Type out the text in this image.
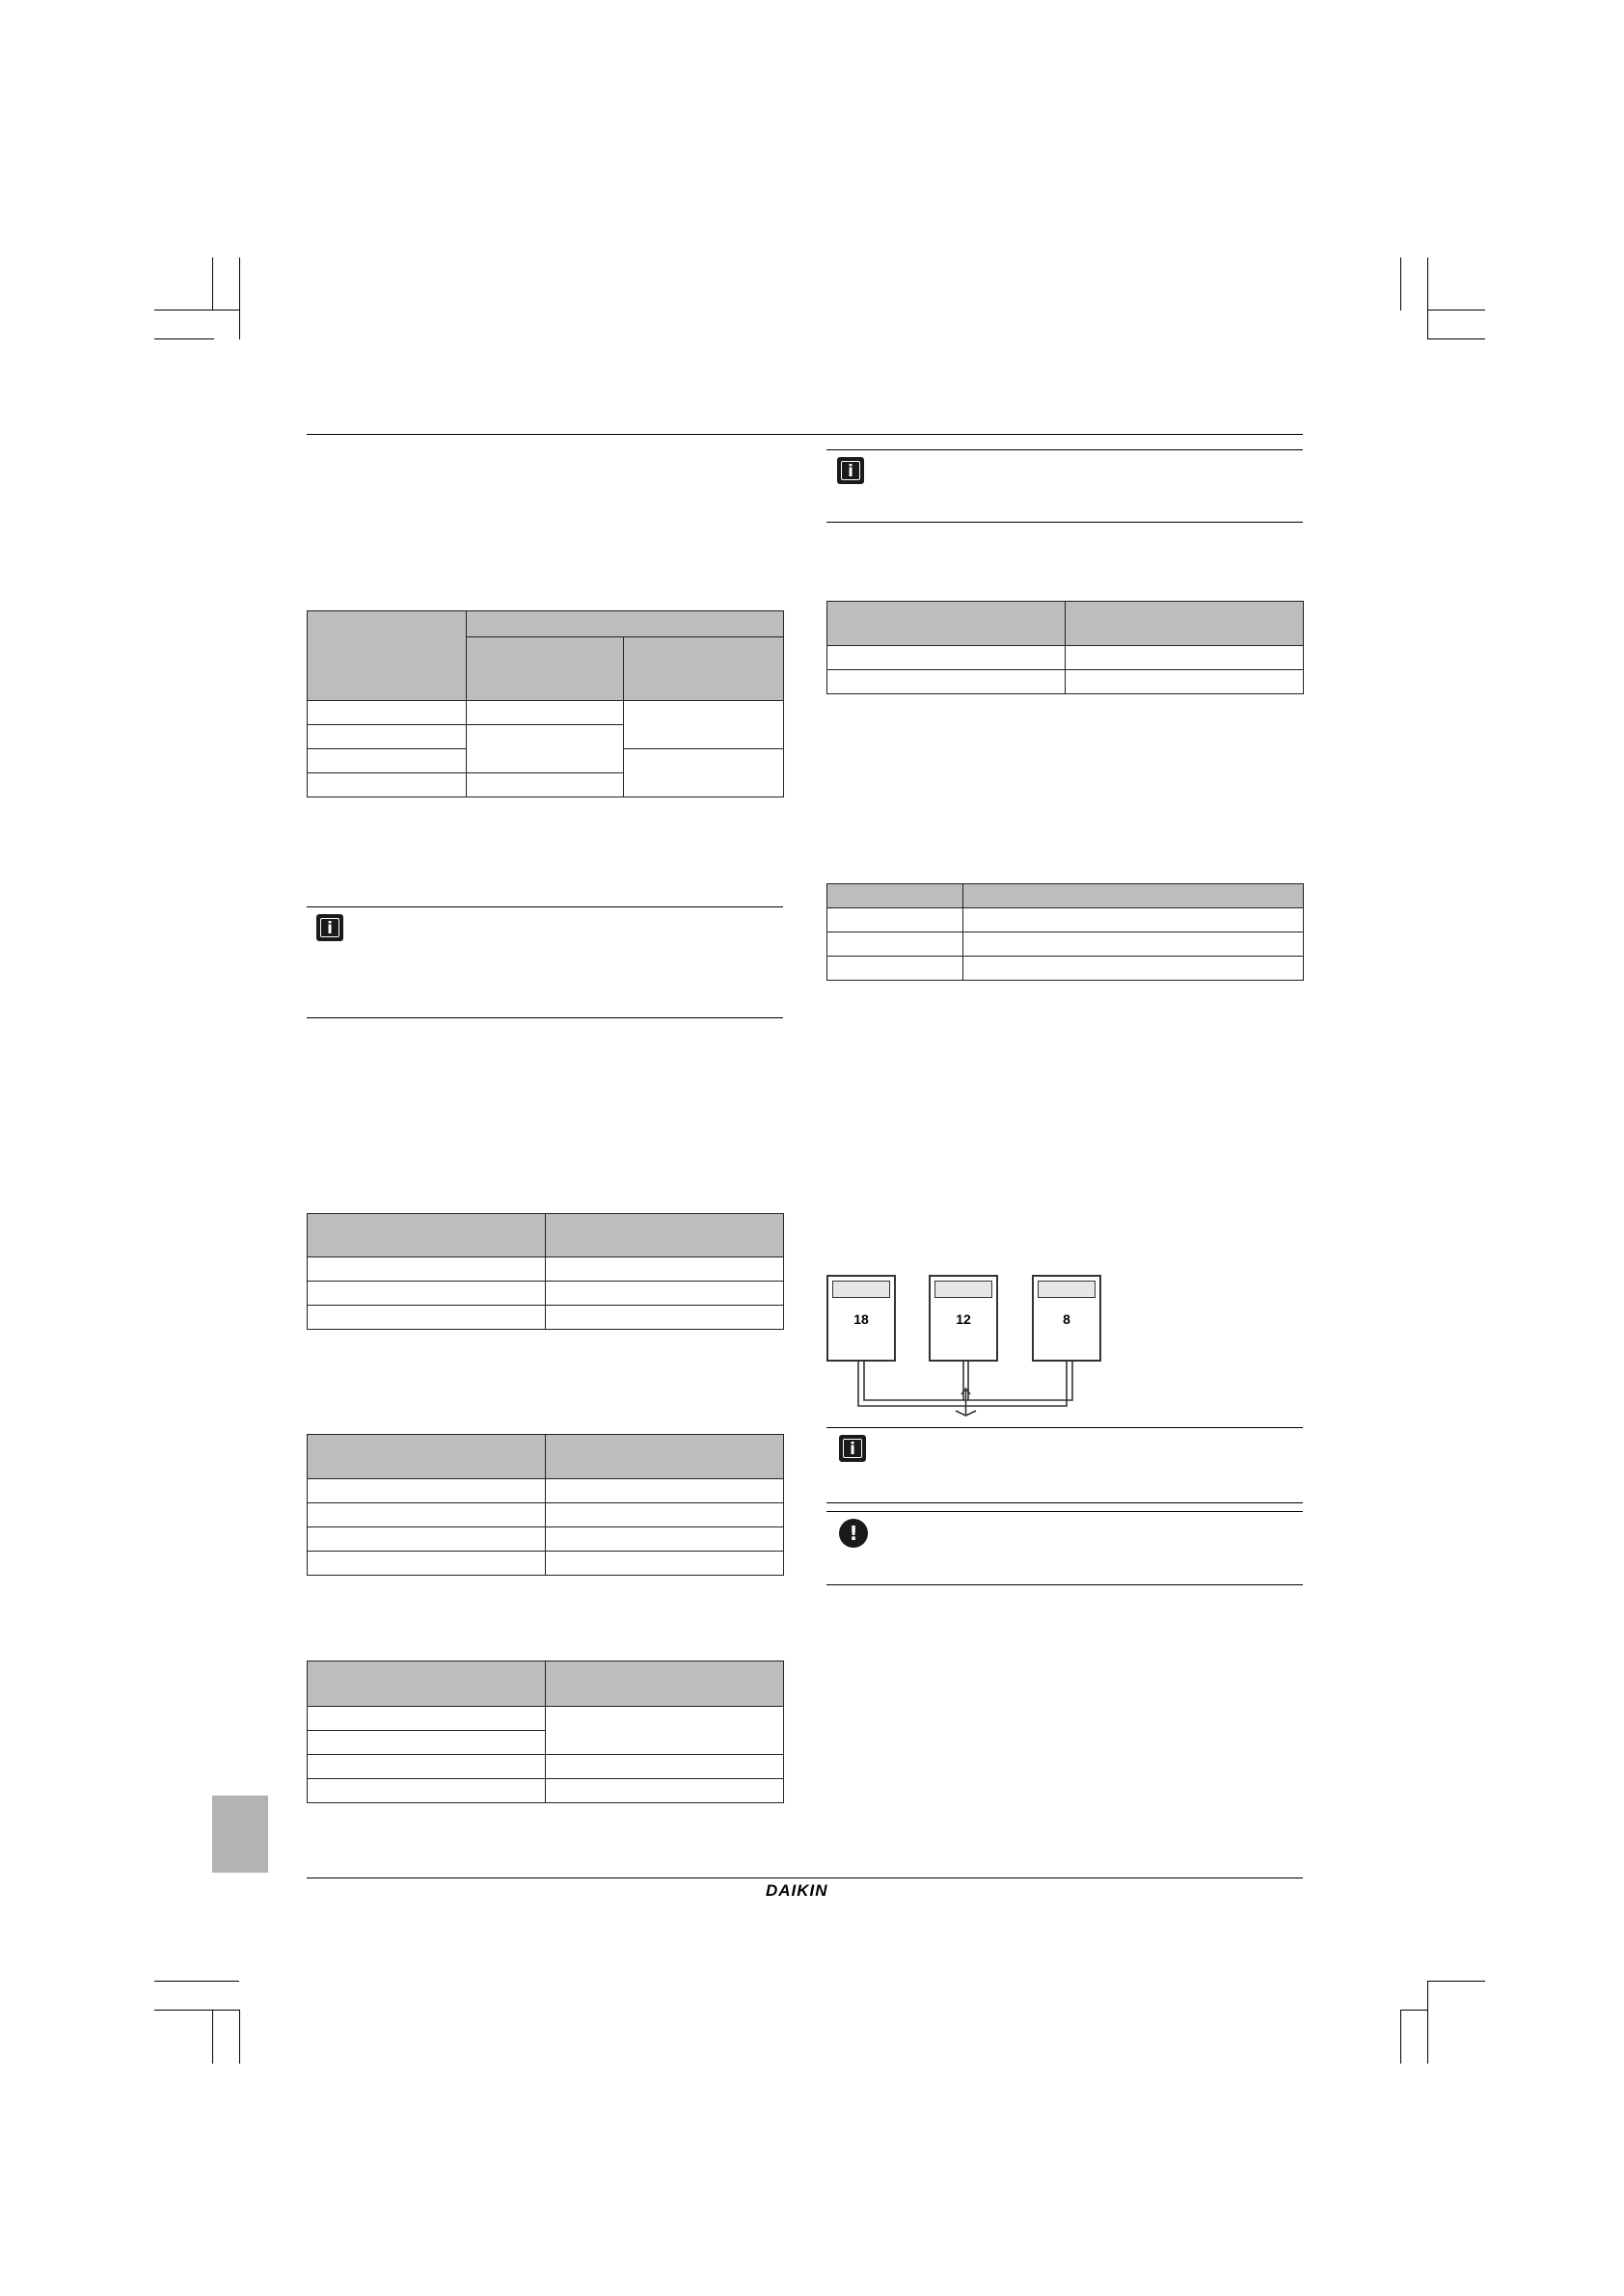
i

i

18	12	8
i
!
DAIKIN
